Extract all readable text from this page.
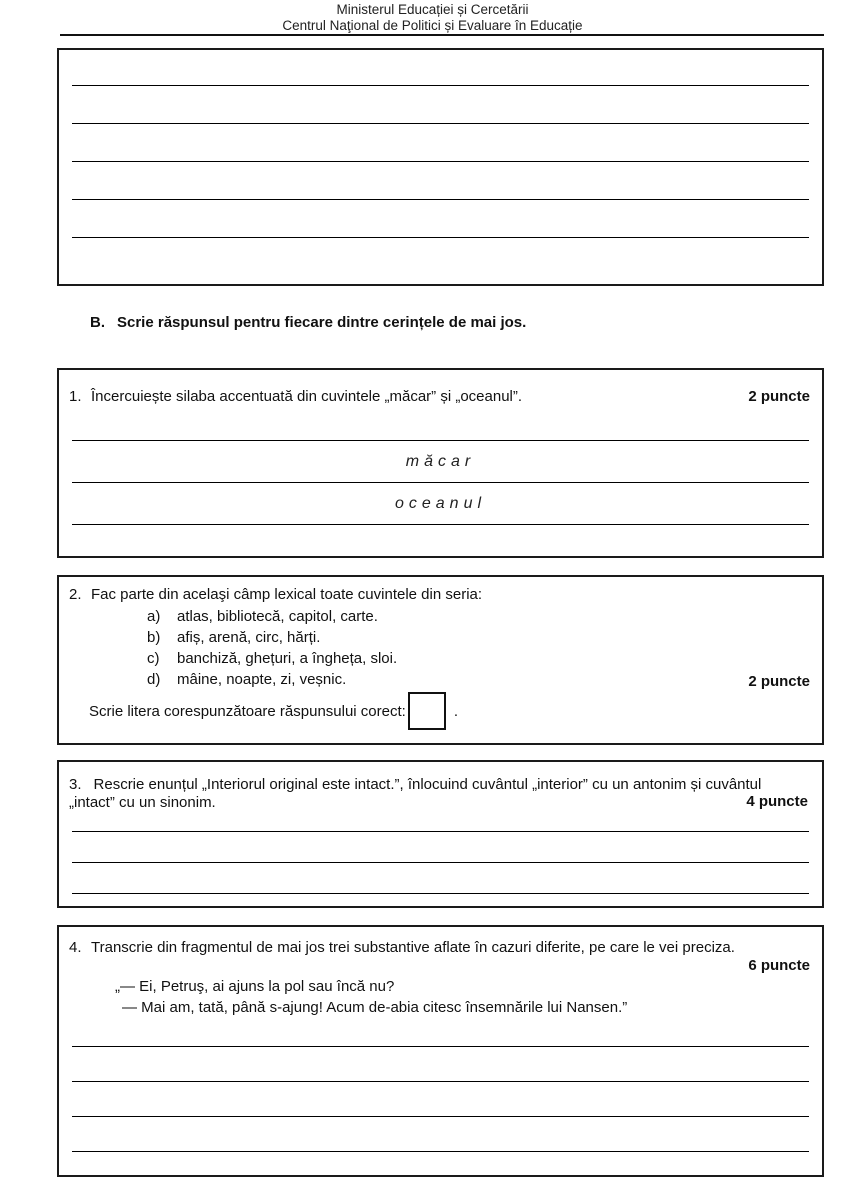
Ministerul Educației și Cercetării
Centrul Naţional de Politici și Evaluare în Educație
B. Scrie răspunsul pentru fiecare dintre cerințele de mai jos.
1. Încercuiește silaba accentuată din cuvintele „măcar” și „oceanul”.	2 puncte
măcar
oceanul
2. Fac parte din acelaşi câmp lexical toate cuvintele din seria:
a)	atlas, bibliotecă, capitol, carte.
b)	afiș, arenă, circ, hărți.
c)	banchiză, ghețuri, a îngheța, sloi.
d)	mâine, noapte, zi, veșnic.	2 puncte
Scrie litera corespunzătoare răspunsului corect:	.
3. Rescrie enunțul „Interiorul original este intact.”, înlocuind cuvântul „interior” cu un antonim și cuvântul „intact” cu un sinonim.	4 puncte
4. Transcrie din fragmentul de mai jos trei substantive aflate în cazuri diferite, pe care le vei preciza.
6 puncte
„— Ei, Petruş, ai ajuns la pol sau încă nu?
— Mai am, tată, până s-ajung! Acum de-abia citesc însemnările lui Nansen.”
